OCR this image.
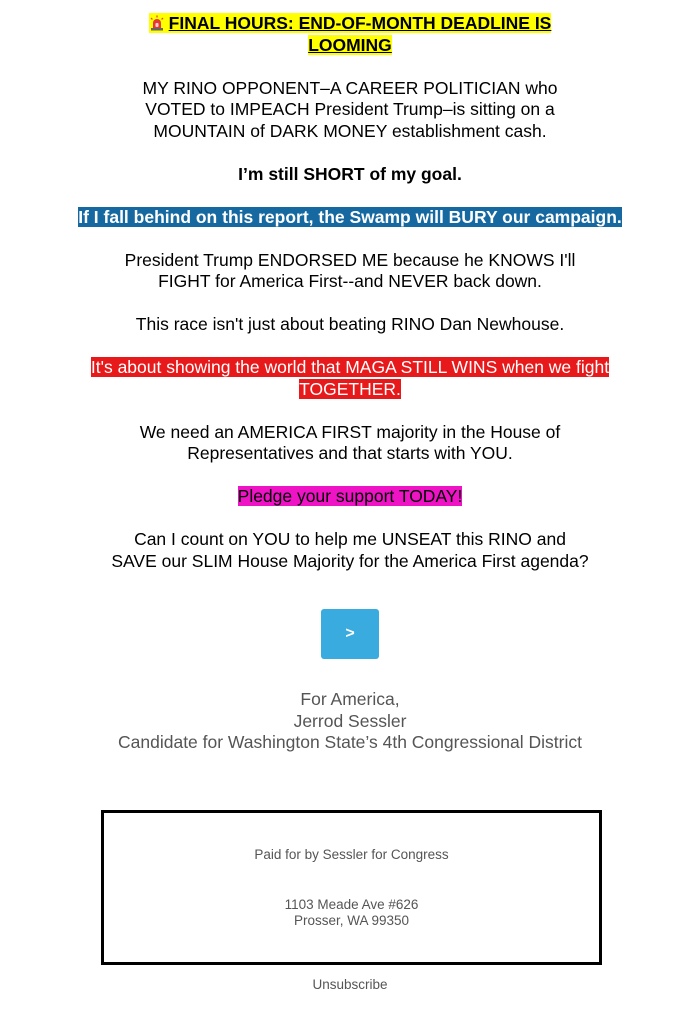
FINAL HOURS: END-OF-MONTH DEADLINE IS LOOMING
MY RINO OPPONENT–A CAREER POLITICIAN who VOTED to IMPEACH President Trump–is sitting on a MOUNTAIN of DARK MONEY establishment cash.
I’m still SHORT of my goal.
If I fall behind on this report, the Swamp will BURY our campaign.
President Trump ENDORSED ME because he KNOWS I'll FIGHT for America First--and NEVER back down.
This race isn't just about beating RINO Dan Newhouse.
It's about showing the world that MAGA STILL WINS when we fight TOGETHER.
We need an AMERICA FIRST majority in the House of Representatives and that starts with YOU.
Pledge your support TODAY!
Can I count on YOU to help me UNSEAT this RINO and SAVE our SLIM House Majority for the America First agenda?
>
For America,
Jerrod Sessler
Candidate for Washington State’s 4th Congressional District
Paid for by Sessler for Congress
1103 Meade Ave #626
Prosser, WA 99350
Unsubscribe
